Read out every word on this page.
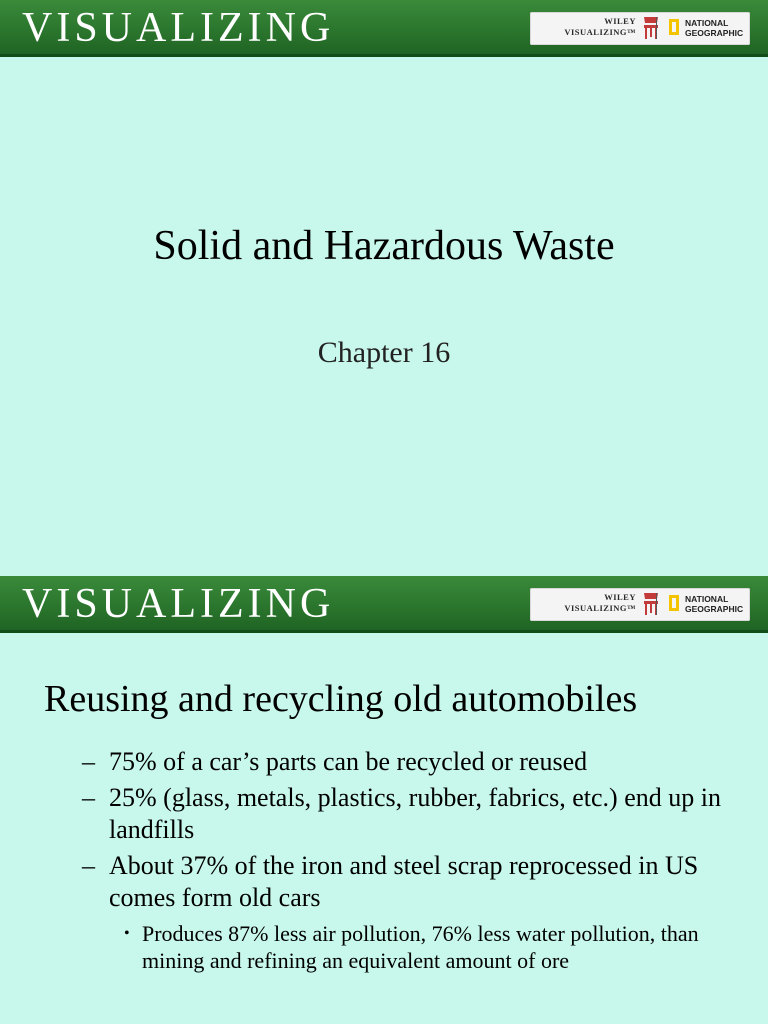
VISUALIZING	WILEY
VISUALIZING™
NATIONAL
GEOGRAPHIC
Solid and Hazardous Waste
Chapter 16
VISUALIZING	WILEY
VISUALIZING™
NATIONAL
GEOGRAPHIC
Reusing and recycling old automobiles
– 75% of a car’s parts can be recycled or reused
– 25% (glass, metals, plastics, rubber, fabrics, etc.) end up in landfills
– About 37% of the iron and steel scrap reprocessed in US comes form old cars
• Produces 87% less air pollution, 76% less water pollution, than mining and refining an equivalent amount of ore
